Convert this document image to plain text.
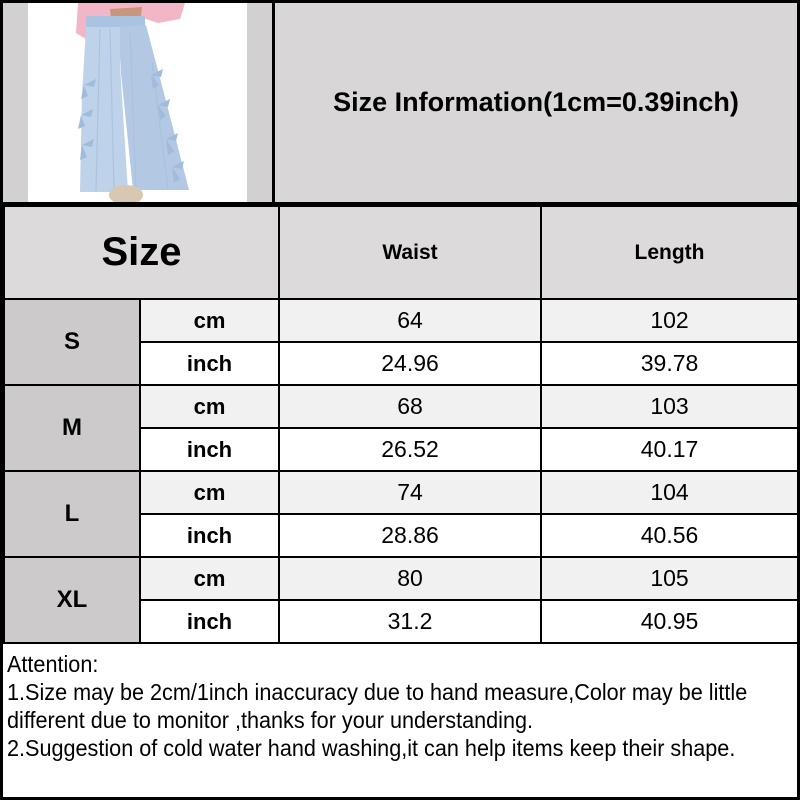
Size Information(1cm=0.39inch)
Size		Waist	Length
S	cm	64	102
	inch	24.96	39.78
M	cm	68	103
	inch	26.52	40.17
L	cm	74	104
	inch	28.86	40.56
XL	cm	80	105
	inch	31.2	40.95
Attention:
1.Size may be 2cm/1inch inaccuracy due to hand measure,Color may be little
different due to monitor ,thanks for your understanding.
2.Suggestion of cold water hand washing,it can help items keep their shape.
